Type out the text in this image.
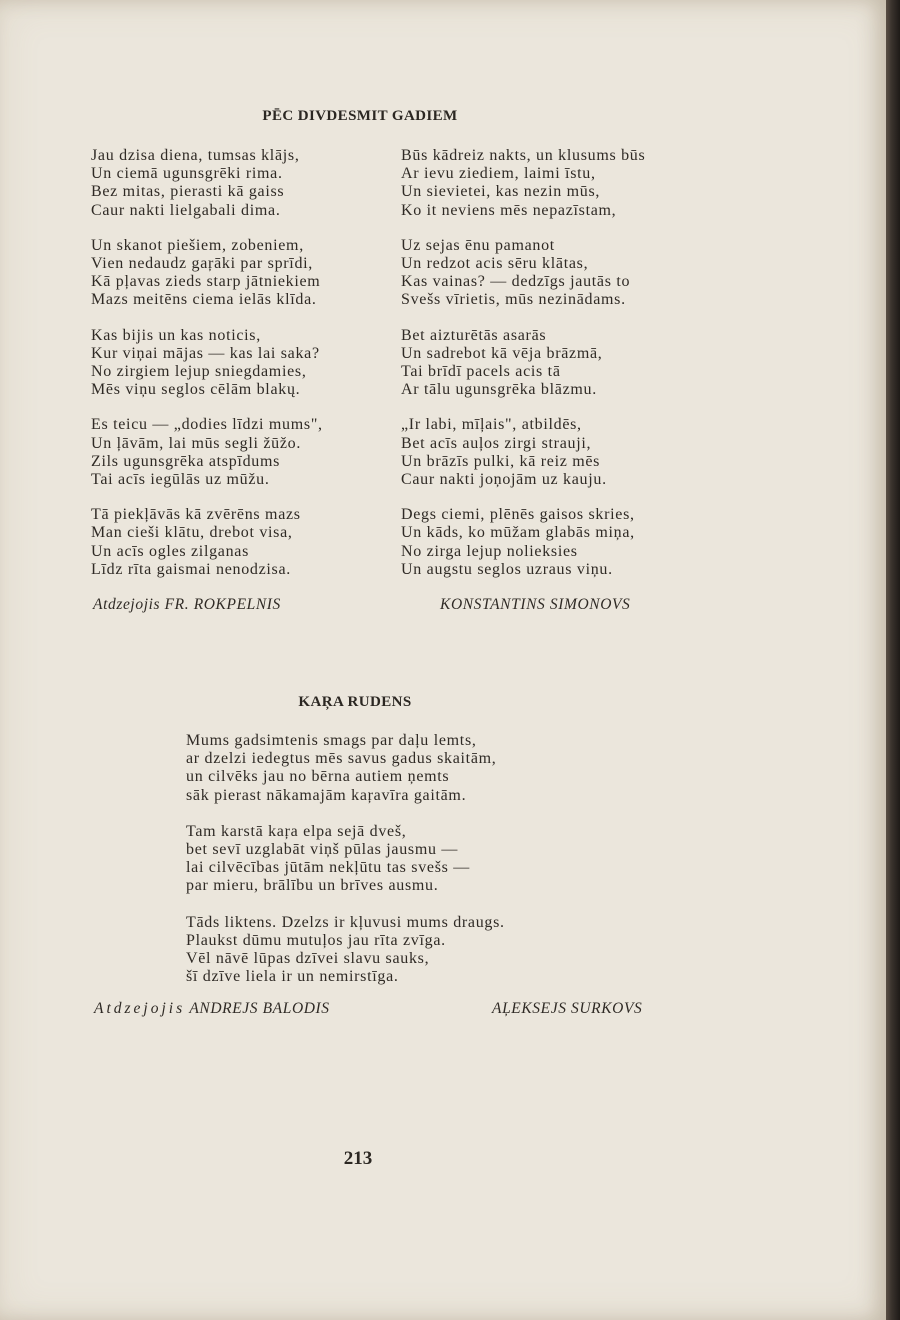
PĒC DIVDESMIT GADIEM
Jau dzisa diena, tumsas klājs,
Un ciemā ugunsgrēki rima.
Bez mitas, pierasti kā gaiss
Caur nakti lielgabali dima.
Un skanot piešiem, zobeniem,
Vien nedaudz gaŗāki par sprīdi,
Kā pļavas zieds starp jātniekiem
Mazs meitēns ciema ielās klīda.
Kas bijis un kas noticis,
Kur viņai mājas — kas lai saka?
No zirgiem lejup sniegdamies,
Mēs viņu seglos cēlām blakų.
Es teicu — „dodies līdzi mums",
Un ļāvām, lai mūs segli žūžo.
Zils ugunsgrēka atspīdums
Tai acīs iegūlās uz mūžu.
Tā piekļāvās kā zvērēns mazs
Man cieši klātu, drebot visa,
Un acīs ogles zilganas
Līdz rīta gaismai nenodzisa.
Būs kādreiz nakts, un klusums būs
Ar ievu ziediem, laimi īstu,
Un sievietei, kas nezin mūs,
Ko it neviens mēs nepazīstam,
Uz sejas ēnu pamanot
Un redzot acis sēru klātas,
Kas vainas? — dedzīgs jautās to
Svešs vīrietis, mūs nezinādams.
Bet aizturētās asarās
Un sadrebot kā vēja brāzmā,
Tai brīdī pacels acis tā
Ar tālu ugunsgrēka blāzmu.
„Ir labi, mīļais", atbildēs,
Bet acīs auļos zirgi strauji,
Un brāzīs pulki, kā reiz mēs
Caur nakti joņojām uz kauju.
Degs ciemi, plēnēs gaisos skries,
Un kāds, ko mūžam glabās miņa,
No zirga lejup nolieksies
Un augstu seglos uzraus viņu.
Atdzejojis FR. ROKPELNIS	KONSTANTINS SIMONOVS
KAŖA RUDENS
Mums gadsimtenis smags par daļu lemts,
ar dzelzi iedegtus mēs savus gadus skaitām,
un cilvēks jau no bērna autiem ņemts
sāk pierast nākamajām kaŗavīra gaitām.
Tam karstā kaŗa elpa sejā dveš,
bet sevī uzglabāt viņš pūlas jausmu —
lai cilvēcības jūtām nekļūtu tas svešs —
par mieru, brālību un brīves ausmu.
Tāds liktens. Dzelzs ir kļuvusi mums draugs.
Plaukst dūmu mutuļos jau rīta zvīga.
Vēl nāvē lūpas dzīvei slavu sauks,
šī dzīve liela ir un nemirstīga.
Atdzejojis ANDREJS BALODIS	AĻEKSEJS SURKOVS
213
